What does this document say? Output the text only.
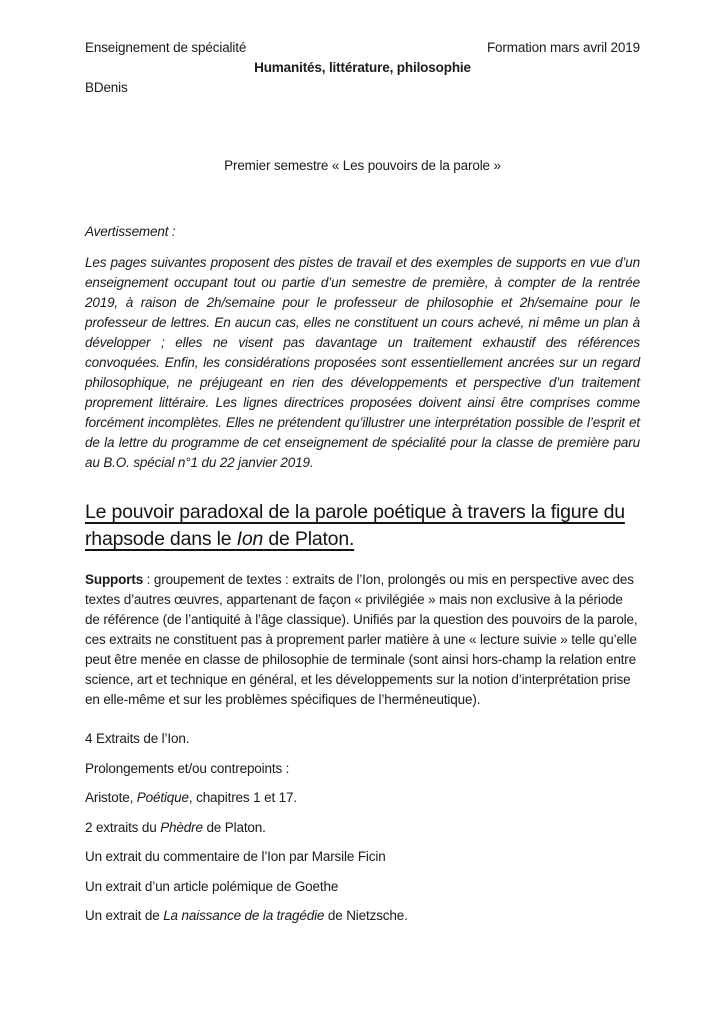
Enseignement de spécialité	Formation mars avril 2019
Humanités, littérature, philosophie
BDenis

Premier semestre « Les pouvoirs de la parole »

Avertissement :

Les pages suivantes proposent des pistes de travail et des exemples de supports en vue d’un enseignement occupant tout ou partie d’un semestre de première, à compter de la rentrée 2019, à raison de 2h/semaine pour le professeur de philosophie et 2h/semaine pour le professeur de lettres. En aucun cas, elles ne constituent un cours achevé, ni même un plan à développer ; elles ne visent pas davantage un traitement exhaustif des références convoquées. Enfin, les considérations proposées sont essentiellement ancrées sur un regard philosophique, ne préjugeant en rien des développements et perspective d’un traitement proprement littéraire. Les lignes directrices proposées doivent ainsi être comprises comme forcément incomplètes. Elles ne prétendent qu’illustrer une interprétation possible de l’esprit et de la lettre du programme de cet enseignement de spécialité pour la classe de première paru au B.O. spécial n°1 du 22 janvier 2019.

Le pouvoir paradoxal de la parole poétique à travers la figure du rhapsode dans le Ion de Platon.

Supports : groupement de textes : extraits de l’Ion, prolongés ou mis en perspective avec des textes d’autres œuvres, appartenant de façon « privilégiée » mais non exclusive à la période de référence (de l’antiquité à l’âge classique). Unifiés par la question des pouvoirs de la parole, ces extraits ne constituent pas à proprement parler matière à une « lecture suivie » telle qu’elle peut être menée en classe de philosophie de terminale (sont ainsi hors-champ la relation entre science, art et technique en général, et les développements sur la notion d’interprétation prise en elle-même et sur les problèmes spécifiques de l’herméneutique).

4 Extraits de l’Ion.

Prolongements et/ou contrepoints :

Aristote, Poétique, chapitres 1 et 17.

2 extraits du Phèdre de Platon.

Un extrait du commentaire de l’Ion par Marsile Ficin

Un extrait d’un article polémique de Goethe

Un extrait de La naissance de la tragédie de Nietzsche.
